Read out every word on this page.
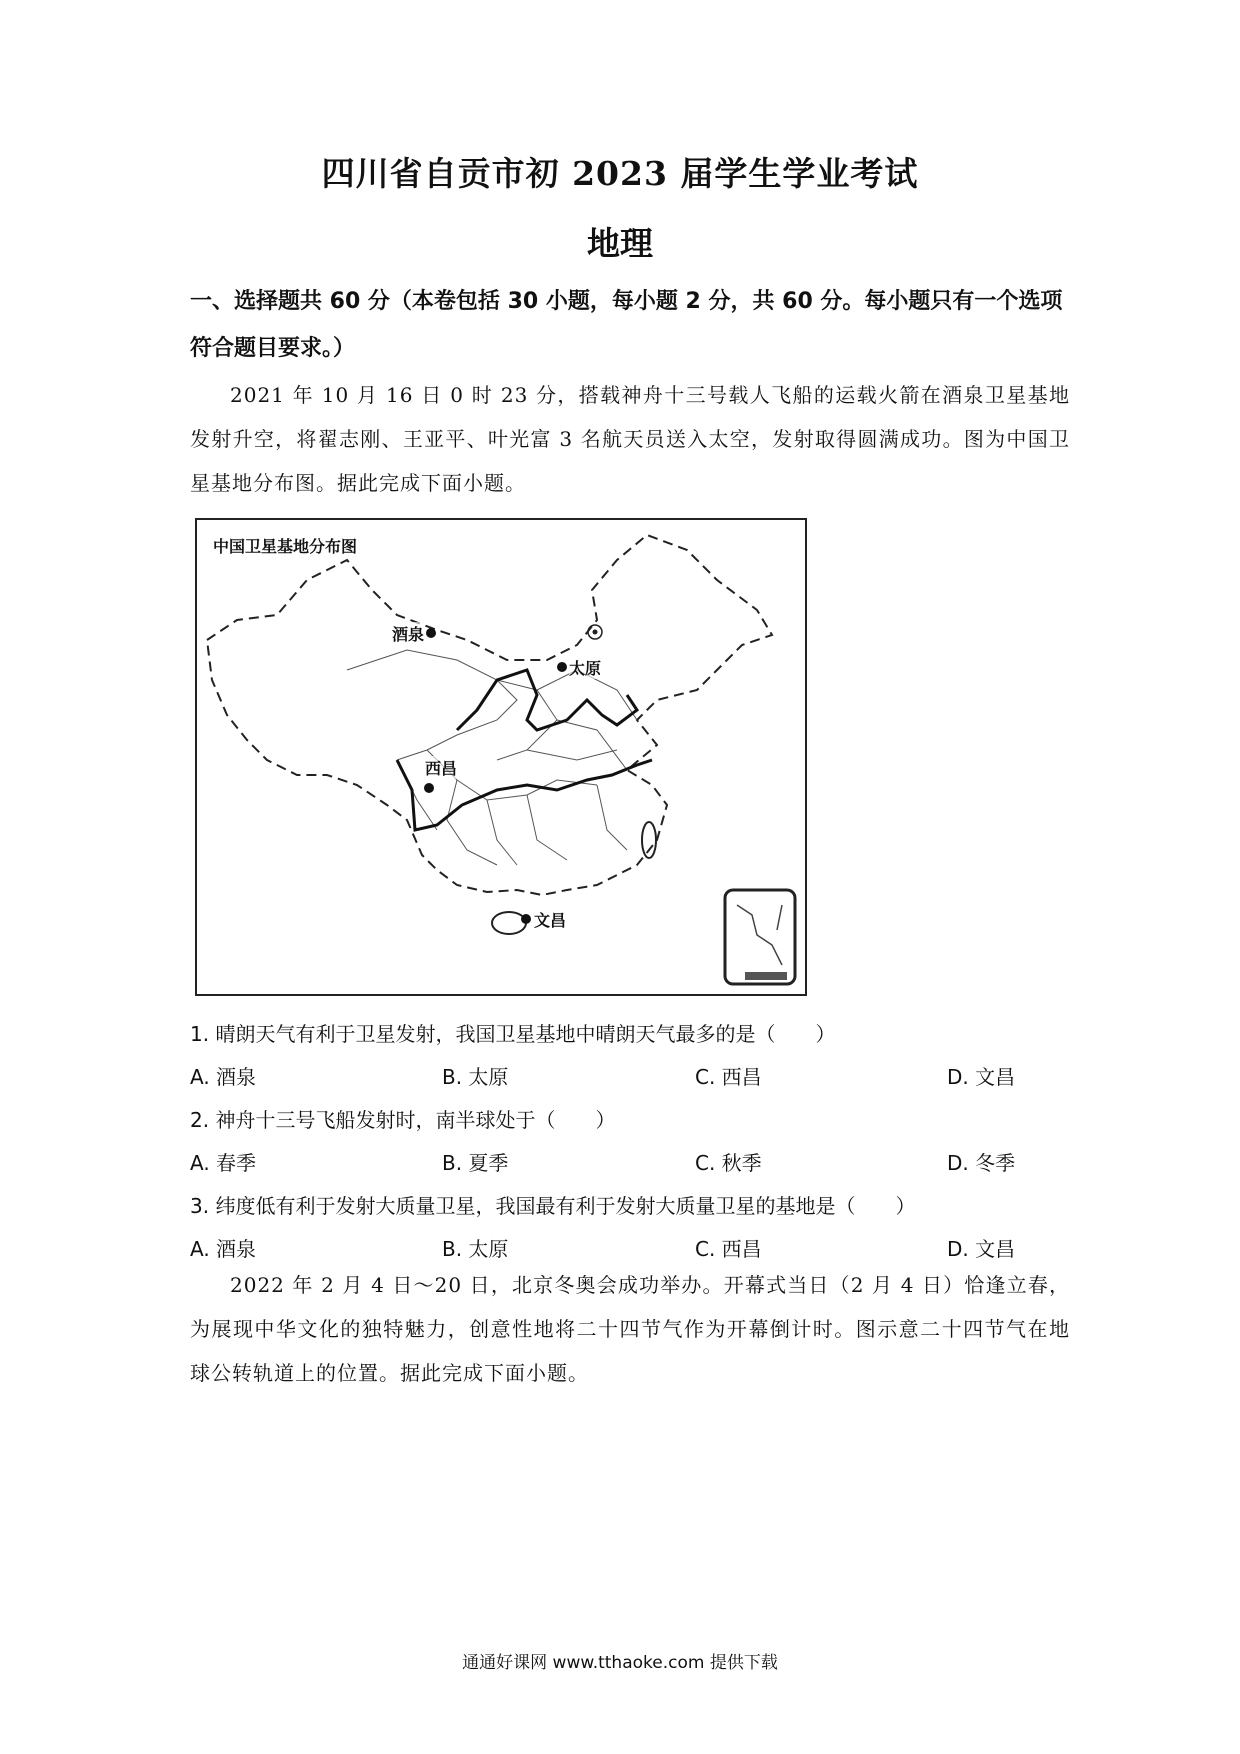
四川省自贡市初 2023 届学生学业考试
地理
一、选择题共 60 分（本卷包括 30 小题，每小题 2 分，共 60 分。每小题只有一个选项符合题目要求。）
2021 年 10 月 16 日 0 时 23 分，搭载神舟十三号载人飞船的运载火箭在酒泉卫星基地发射升空，将翟志刚、王亚平、叶光富 3 名航天员送入太空，发射取得圆满成功。图为中国卫星基地分布图。据此完成下面小题。
中国卫星基地分布图
酒泉
太原
西昌
文昌
1. 晴朗天气有利于卫星发射，我国卫星基地中晴朗天气最多的是（　　）
A. 酒泉	B. 太原	C. 西昌	D. 文昌
2. 神舟十三号飞船发射时，南半球处于（　　）
A. 春季	B. 夏季	C. 秋季	D. 冬季
3. 纬度低有利于发射大质量卫星，我国最有利于发射大质量卫星的基地是（　　）
A. 酒泉	B. 太原	C. 西昌	D. 文昌
2022 年 2 月 4 日～20 日，北京冬奥会成功举办。开幕式当日（2 月 4 日）恰逢立春，为展现中华文化的独特魅力，创意性地将二十四节气作为开幕倒计时。图示意二十四节气在地球公转轨道上的位置。据此完成下面小题。
通通好课网 www.tthaoke.com 提供下载
